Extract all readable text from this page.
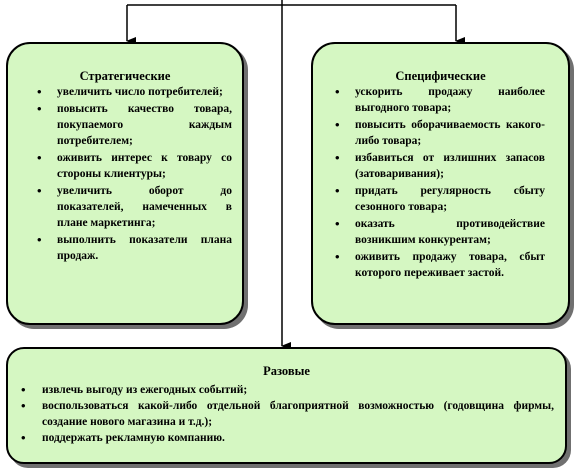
Стратегические

• увеличить число потребителей;
• повысить качество товара, покупаемого каждым потребителем;
• оживить интерес к товару со стороны клиентуры;
• увеличить оборот до показателей, намеченных в плане маркетинга;
• выполнить показатели плана продаж.

Специфические

• ускорить продажу наиболее выгодного товара;
• повысить оборачиваемость какого-либо товара;
• избавиться от излишних запасов (затоваривания);
• придать регулярность сбыту сезонного товара;
• оказать противодействие возникшим конкурентам;
• оживить продажу товара, сбыт которого переживает застой.

Разовые

• извлечь выгоду из ежегодных событий;
• воспользоваться какой-либо отдельной благоприятной возможностью (годовщина фирмы, создание нового магазина и т.д.);
• поддержать рекламную компанию.
